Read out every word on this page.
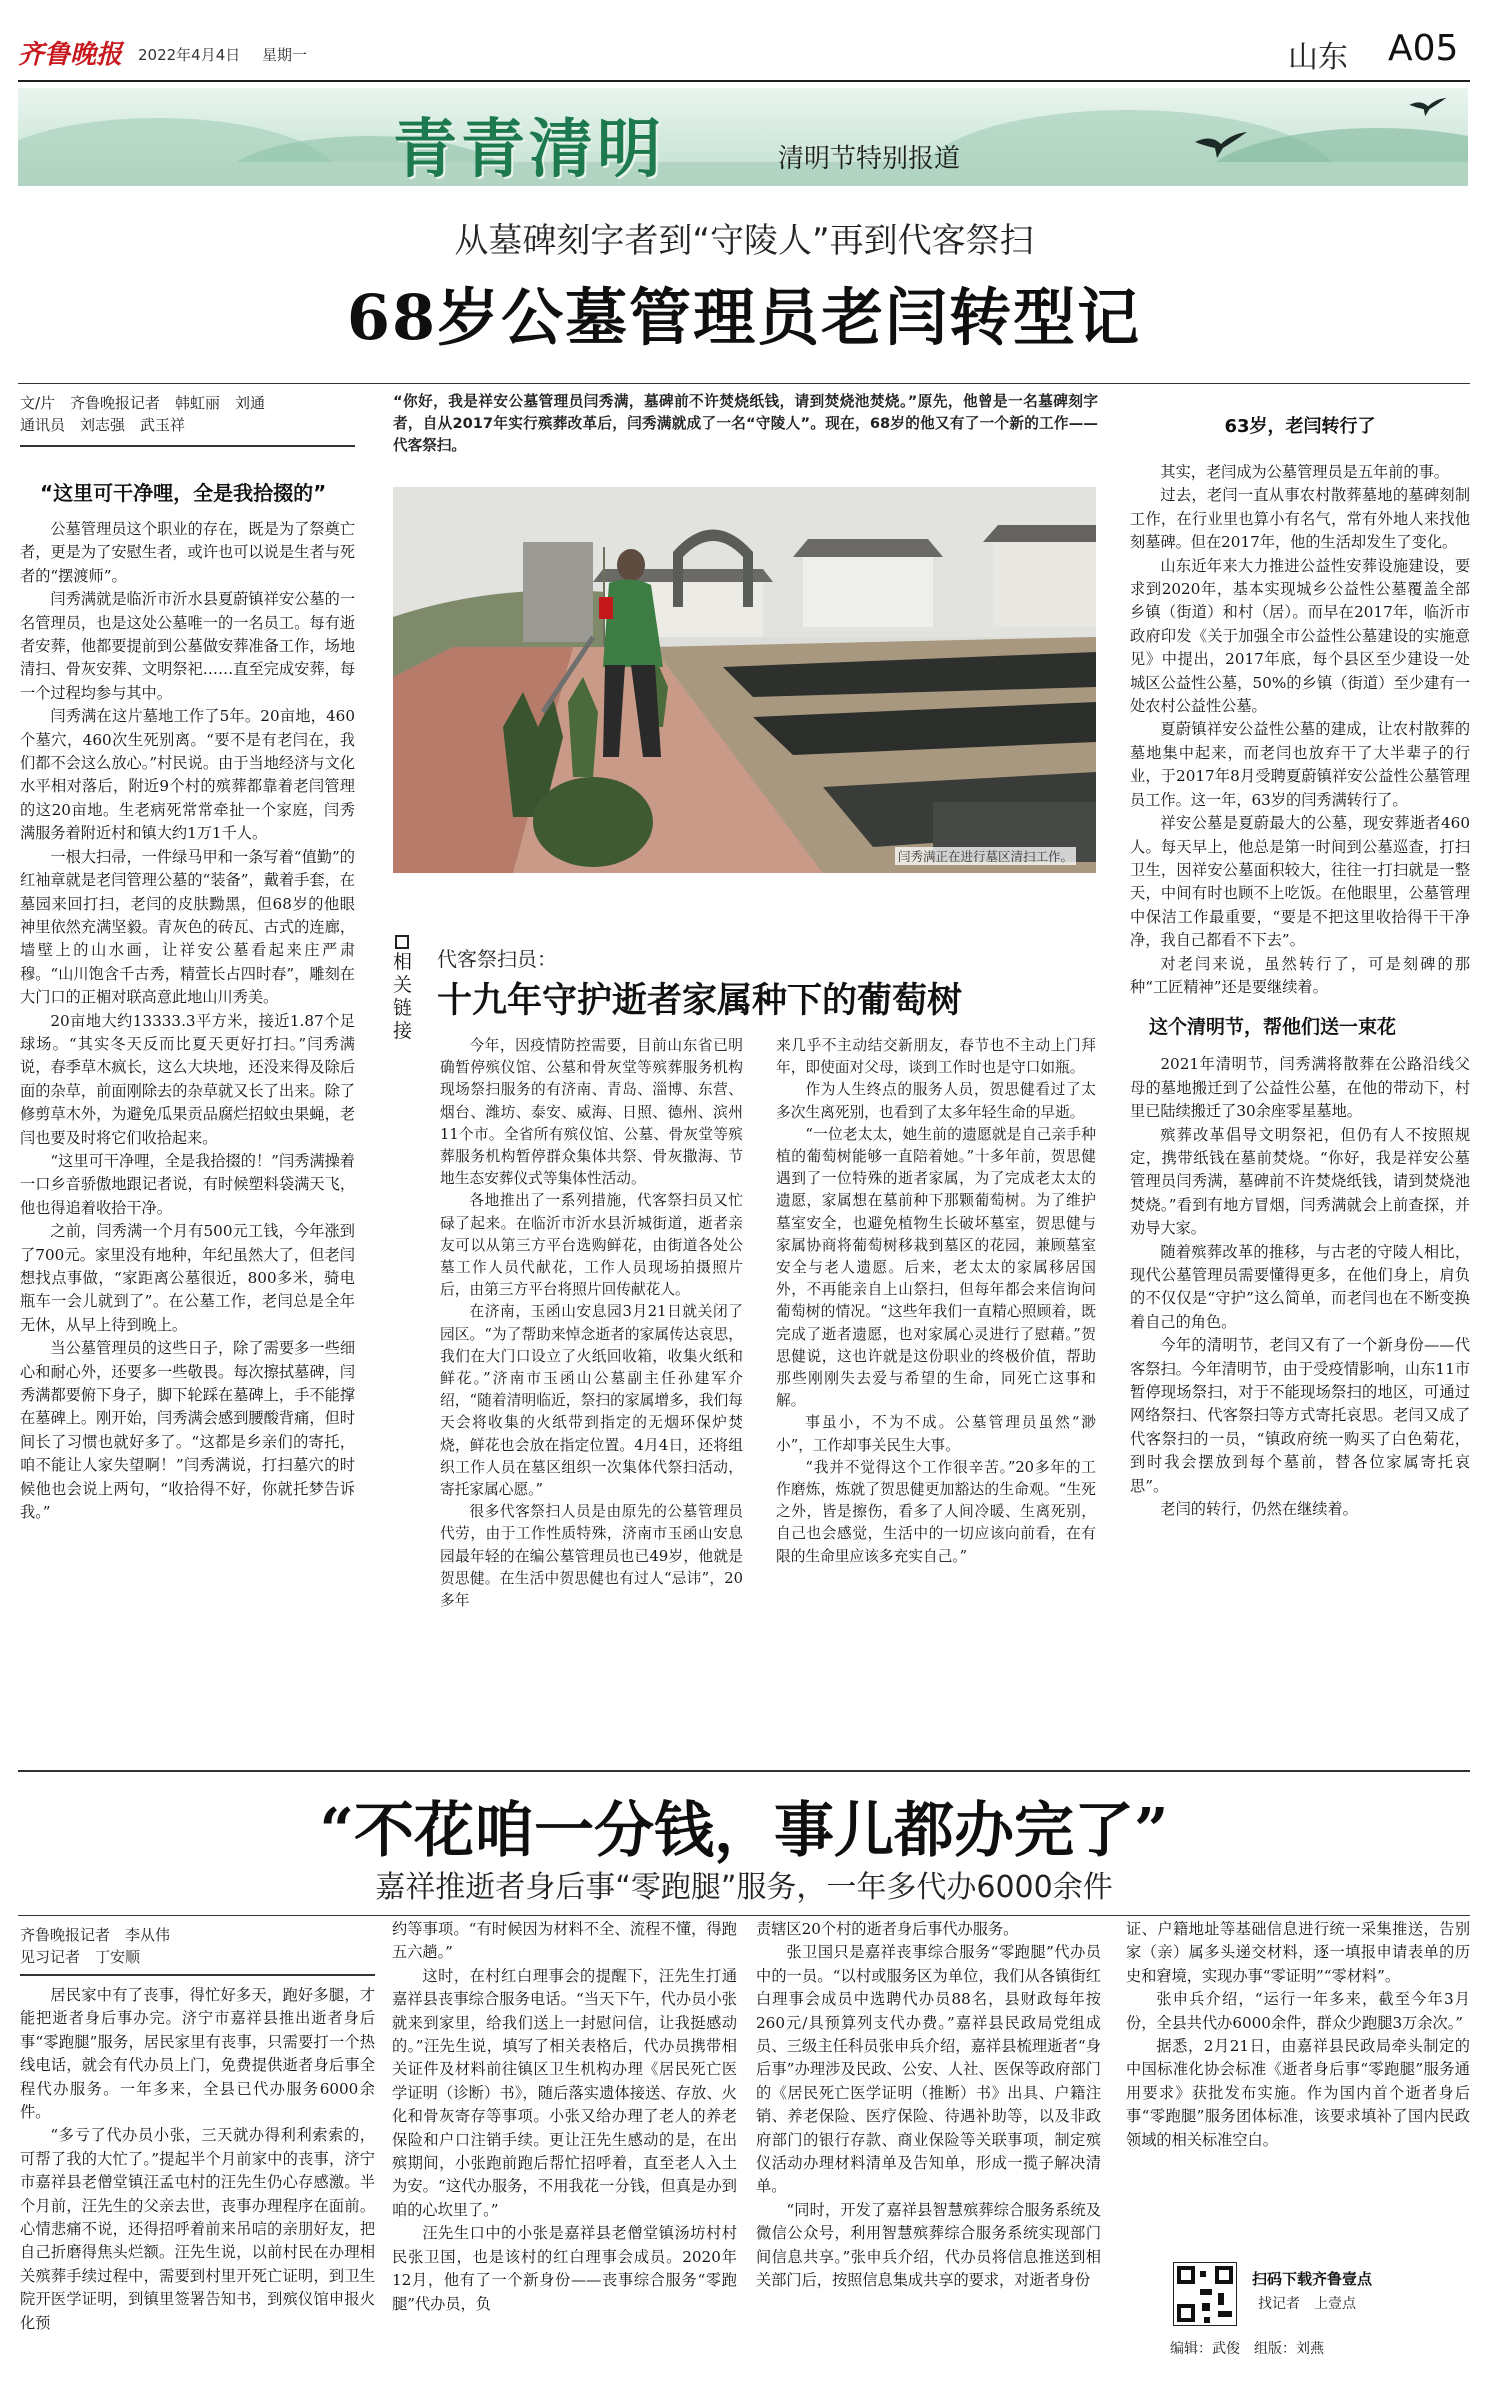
齐鲁晚报 2022年4月4日 星期一	山东 A05
青青清明	清明节特别报道
从墓碑刻字者到“守陵人”再到代客祭扫
68岁公墓管理员老闫转型记
文/片　齐鲁晚报记者　韩虹丽　刘通
通讯员　刘志强　武玉祥
“你好，我是祥安公墓管理员闫秀满，墓碑前不许焚烧纸钱，请到焚烧池焚烧。”原先，他曾是一名墓碑刻字者，自从2017年实行殡葬改革后，闫秀满就成了一名“守陵人”。现在，68岁的他又有了一个新的工作——代客祭扫。
“这里可干净哩，全是我拾掇的”

公墓管理员这个职业的存在，既是为了祭奠亡者，更是为了安慰生者，或许也可以说是生者与死者的“摆渡师”。

闫秀满就是临沂市沂水县夏蔚镇祥安公墓的一名管理员，也是这处公墓唯一的一名员工。每有逝者安葬，他都要提前到公墓做安葬准备工作，场地清扫、骨灰安葬、文明祭祀……直至完成安葬，每一个过程均参与其中。

闫秀满在这片墓地工作了5年。20亩地，460个墓穴，460次生死别离。“要不是有老闫在，我们都不会这么放心。”村民说。由于当地经济与文化水平相对落后，附近9个村的殡葬都靠着老闫管理的这20亩地。生老病死常常牵扯一个家庭，闫秀满服务着附近村和镇大约1万1千人。

一根大扫帚，一件绿马甲和一条写着“值勤”的红袖章就是老闫管理公墓的“装备”，戴着手套，在墓园来回打扫，老闫的皮肤黝黑，但68岁的他眼神里依然充满坚毅。青灰色的砖瓦、古式的连廊，墙壁上的山水画，让祥安公墓看起来庄严肃穆。“山川饱含千古秀，精萱长占四时春”，雕刻在大门口的正楣对联高意此地山川秀美。

20亩地大约13333.3平方米，接近1.87个足球场。“其实冬天反而比夏天更好打扫。”闫秀满说，春季草木疯长，这么大块地，还没来得及除后面的杂草，前面刚除去的杂草就又长了出来。除了修剪草木外，为避免瓜果贡品腐烂招蚊虫果蝇，老闫也要及时将它们收拾起来。

“这里可干净哩，全是我拾掇的！”闫秀满操着一口乡音骄傲地跟记者说，有时候塑料袋满天飞，他也得追着收拾干净。

之前，闫秀满一个月有500元工钱，今年涨到了700元。家里没有地种，年纪虽然大了，但老闫想找点事做，“家距离公墓很近，800多米，骑电瓶车一会儿就到了”。在公墓工作，老闫总是全年无休，从早上待到晚上。

当公墓管理员的这些日子，除了需要多一些细心和耐心外，还要多一些敬畏。每次擦拭墓碑，闫秀满都要俯下身子，脚下轮踩在墓碑上，手不能撑在墓碑上。刚开始，闫秀满会感到腰酸背痛，但时间长了习惯也就好多了。“这都是乡亲们的寄托，咱不能让人家失望啊！”闫秀满说，打扫墓穴的时候他也会说上两句，“收拾得不好，你就托梦告诉我。”

闫秀满正在进行墓区清扫工作。
相关链接
代客祭扫员：
十九年守护逝者家属种下的葡萄树

今年，因疫情防控需要，目前山东省已明确暂停殡仪馆、公墓和骨灰堂等殡葬服务机构现场祭扫服务的有济南、青岛、淄博、东营、烟台、潍坊、泰安、威海、日照、德州、滨州11个市。全省所有殡仪馆、公墓、骨灰堂等殡葬服务机构暂停群众集体共祭、骨灰撒海、节地生态安葬仪式等集体性活动。

各地推出了一系列措施，代客祭扫员又忙碌了起来。在临沂市沂水县沂城街道，逝者亲友可以从第三方平台选购鲜花，由街道各处公墓工作人员代献花，工作人员现场拍摄照片后，由第三方平台将照片回传献花人。

在济南，玉函山安息园3月21日就关闭了园区。“为了帮助来悼念逝者的家属传达哀思，我们在大门口设立了火纸回收箱，收集火纸和鲜花。”济南市玉函山公墓副主任孙建军介绍，“随着清明临近，祭扫的家属增多，我们每天会将收集的火纸带到指定的无烟环保炉焚烧，鲜花也会放在指定位置。4月4日，还将组织工作人员在墓区组织一次集体代祭扫活动，寄托家属心愿。”

很多代客祭扫人员是由原先的公墓管理员代劳，由于工作性质特殊，济南市玉函山安息园最年轻的在编公墓管理员也已49岁，他就是贺思健。在生活中贺思健也有过人“忌讳”，20多年

来几乎不主动结交新朋友，春节也不主动上门拜年，即使面对父母，谈到工作时也是守口如瓶。

作为人生终点的服务人员，贺思健看过了太多次生离死别，也看到了太多年轻生命的早逝。

“一位老太太，她生前的遗愿就是自己亲手种植的葡萄树能够一直陪着她。”十多年前，贺思健遇到了一位特殊的逝者家属，为了完成老太太的遗愿，家属想在墓前种下那颗葡萄树。为了维护墓室安全，也避免植物生长破坏墓室，贺思健与家属协商将葡萄树移栽到墓区的花园，兼顾墓室安全与老人遗愿。后来，老太太的家属移居国外，不再能亲自上山祭扫，但每年都会来信询问葡萄树的情况。“这些年我们一直精心照顾着，既完成了逝者遗愿，也对家属心灵进行了慰藉。”贺思健说，这也许就是这份职业的终极价值，帮助那些刚刚失去爱与希望的生命，同死亡这事和解。

事虽小，不为不成。公墓管理员虽然“渺小”，工作却事关民生大事。

“我并不觉得这个工作很辛苦。”20多年的工作磨炼，炼就了贺思健更加豁达的生命观。“生死之外，皆是擦伤，看多了人间冷暖、生离死别，自己也会感觉，生活中的一切应该向前看，在有限的生命里应该多充实自己。”

63岁，老闫转行了

其实，老闫成为公墓管理员是五年前的事。

过去，老闫一直从事农村散葬墓地的墓碑刻制工作，在行业里也算小有名气，常有外地人来找他刻墓碑。但在2017年，他的生活却发生了变化。

山东近年来大力推进公益性安葬设施建设，要求到2020年，基本实现城乡公益性公墓覆盖全部乡镇（街道）和村（居）。而早在2017年，临沂市政府印发《关于加强全市公益性公墓建设的实施意见》中提出，2017年底，每个县区至少建设一处城区公益性公墓，50%的乡镇（街道）至少建有一处农村公益性公墓。

夏蔚镇祥安公益性公墓的建成，让农村散葬的墓地集中起来，而老闫也放弃干了大半辈子的行业，于2017年8月受聘夏蔚镇祥安公益性公墓管理员工作。这一年，63岁的闫秀满转行了。

祥安公墓是夏蔚最大的公墓，现安葬逝者460人。每天早上，他总是第一时间到公墓巡查，打扫卫生，因祥安公墓面积较大，往往一打扫就是一整天，中间有时也顾不上吃饭。在他眼里，公墓管理中保洁工作最重要，“要是不把这里收拾得干干净净，我自己都看不下去”。

对老闫来说，虽然转行了，可是刻碑的那种“工匠精神”还是要继续着。

这个清明节，帮他们送一束花

2021年清明节，闫秀满将散葬在公路沿线父母的墓地搬迁到了公益性公墓，在他的带动下，村里已陆续搬迁了30余座零星墓地。

殡葬改革倡导文明祭祀，但仍有人不按照规定，携带纸钱在墓前焚烧。“你好，我是祥安公墓管理员闫秀满，墓碑前不许焚烧纸钱，请到焚烧池焚烧。”看到有地方冒烟，闫秀满就会上前查探，并劝导大家。

随着殡葬改革的推移，与古老的守陵人相比，现代公墓管理员需要懂得更多，在他们身上，肩负的不仅仅是“守护”这么简单，而老闫也在不断变换着自己的角色。

今年的清明节，老闫又有了一个新身份——代客祭扫。今年清明节，由于受疫情影响，山东11市暂停现场祭扫，对于不能现场祭扫的地区，可通过网络祭扫、代客祭扫等方式寄托哀思。老闫又成了代客祭扫的一员，“镇政府统一购买了白色菊花，到时我会摆放到每个墓前，替各位家属寄托哀思”。

老闫的转行，仍然在继续着。

“不花咱一分钱，事儿都办完了”
嘉祥推逝者身后事“零跑腿”服务，一年多代办6000余件
齐鲁晚报记者　李从伟
见习记者　丁安顺

居民家中有了丧事，得忙好多天，跑好多腿，才能把逝者身后事办完。济宁市嘉祥县推出逝者身后事“零跑腿”服务，居民家里有丧事，只需要打一个热线电话，就会有代办员上门，免费提供逝者身后事全程代办服务。一年多来，全县已代办服务6000余件。

“多亏了代办员小张，三天就办得利利索索的，可帮了我的大忙了。”提起半个月前家中的丧事，济宁市嘉祥县老僧堂镇汪孟屯村的汪先生仍心存感激。半个月前，汪先生的父亲去世，丧事办理程序在面前。心情悲痛不说，还得招呼着前来吊唁的亲朋好友，把自己折磨得焦头烂额。汪先生说，以前村民在办理相关殡葬手续过程中，需要到村里开死亡证明，到卫生院开医学证明，到镇里签署告知书，到殡仪馆申报火化预

约等事项。“有时候因为材料不全、流程不懂，得跑五六趟。”

这时，在村红白理事会的提醒下，汪先生打通嘉祥县丧事综合服务电话。“当天下午，代办员小张就来到家里，给我们送上一封慰问信，让我挺感动的。”汪先生说，填写了相关表格后，代办员携带相关证件及材料前往镇区卫生机构办理《居民死亡医学证明（诊断）书》，随后落实遗体接送、存放、火化和骨灰寄存等事项。小张又给办理了老人的养老保险和户口注销手续。更让汪先生感动的是，在出殡期间，小张跑前跑后帮忙招呼着，直至老人入土为安。“这代办服务，不用我花一分钱，但真是办到咱的心坎里了。”

汪先生口中的小张是嘉祥县老僧堂镇汤坊村村民张卫国，也是该村的红白理事会成员。2020年12月，他有了一个新身份——丧事综合服务“零跑腿”代办员，负

责辖区20个村的逝者身后事代办服务。

张卫国只是嘉祥丧事综合服务“零跑腿”代办员中的一员。“以村或服务区为单位，我们从各镇街红白理事会成员中选聘代办员88名，县财政每年按260元/具预算列支代办费。”嘉祥县民政局党组成员、三级主任科员张申兵介绍，嘉祥县梳理逝者“身后事”办理涉及民政、公安、人社、医保等政府部门的《居民死亡医学证明（推断）书》出具、户籍注销、养老保险、医疗保险、待遇补助等，以及非政府部门的银行存款、商业保险等关联事项，制定殡仪活动办理材料清单及告知单，形成一揽子解决清单。

“同时，开发了嘉祥县智慧殡葬综合服务系统及微信公众号，利用智慧殡葬综合服务系统实现部门间信息共享。”张申兵介绍，代办员将信息推送到相关部门后，按照信息集成共享的要求，对逝者身份

证、户籍地址等基础信息进行统一采集推送，告别家（亲）属多头递交材料，逐一填报申请表单的历史和窘境，实现办事“零证明”“零材料”。

张申兵介绍，“运行一年多来，截至今年3月份，全县共代办6000余件，群众少跑腿3万余次。”

据悉，2月21日，由嘉祥县民政局牵头制定的中国标准化协会标准《逝者身后事“零跑腿”服务通用要求》获批发布实施。作为国内首个逝者身后事“零跑腿”服务团体标准，该要求填补了国内民政领域的相关标准空白。

扫码下载齐鲁壹点
找记者　上壹点
编辑：武俊　组版：刘燕
